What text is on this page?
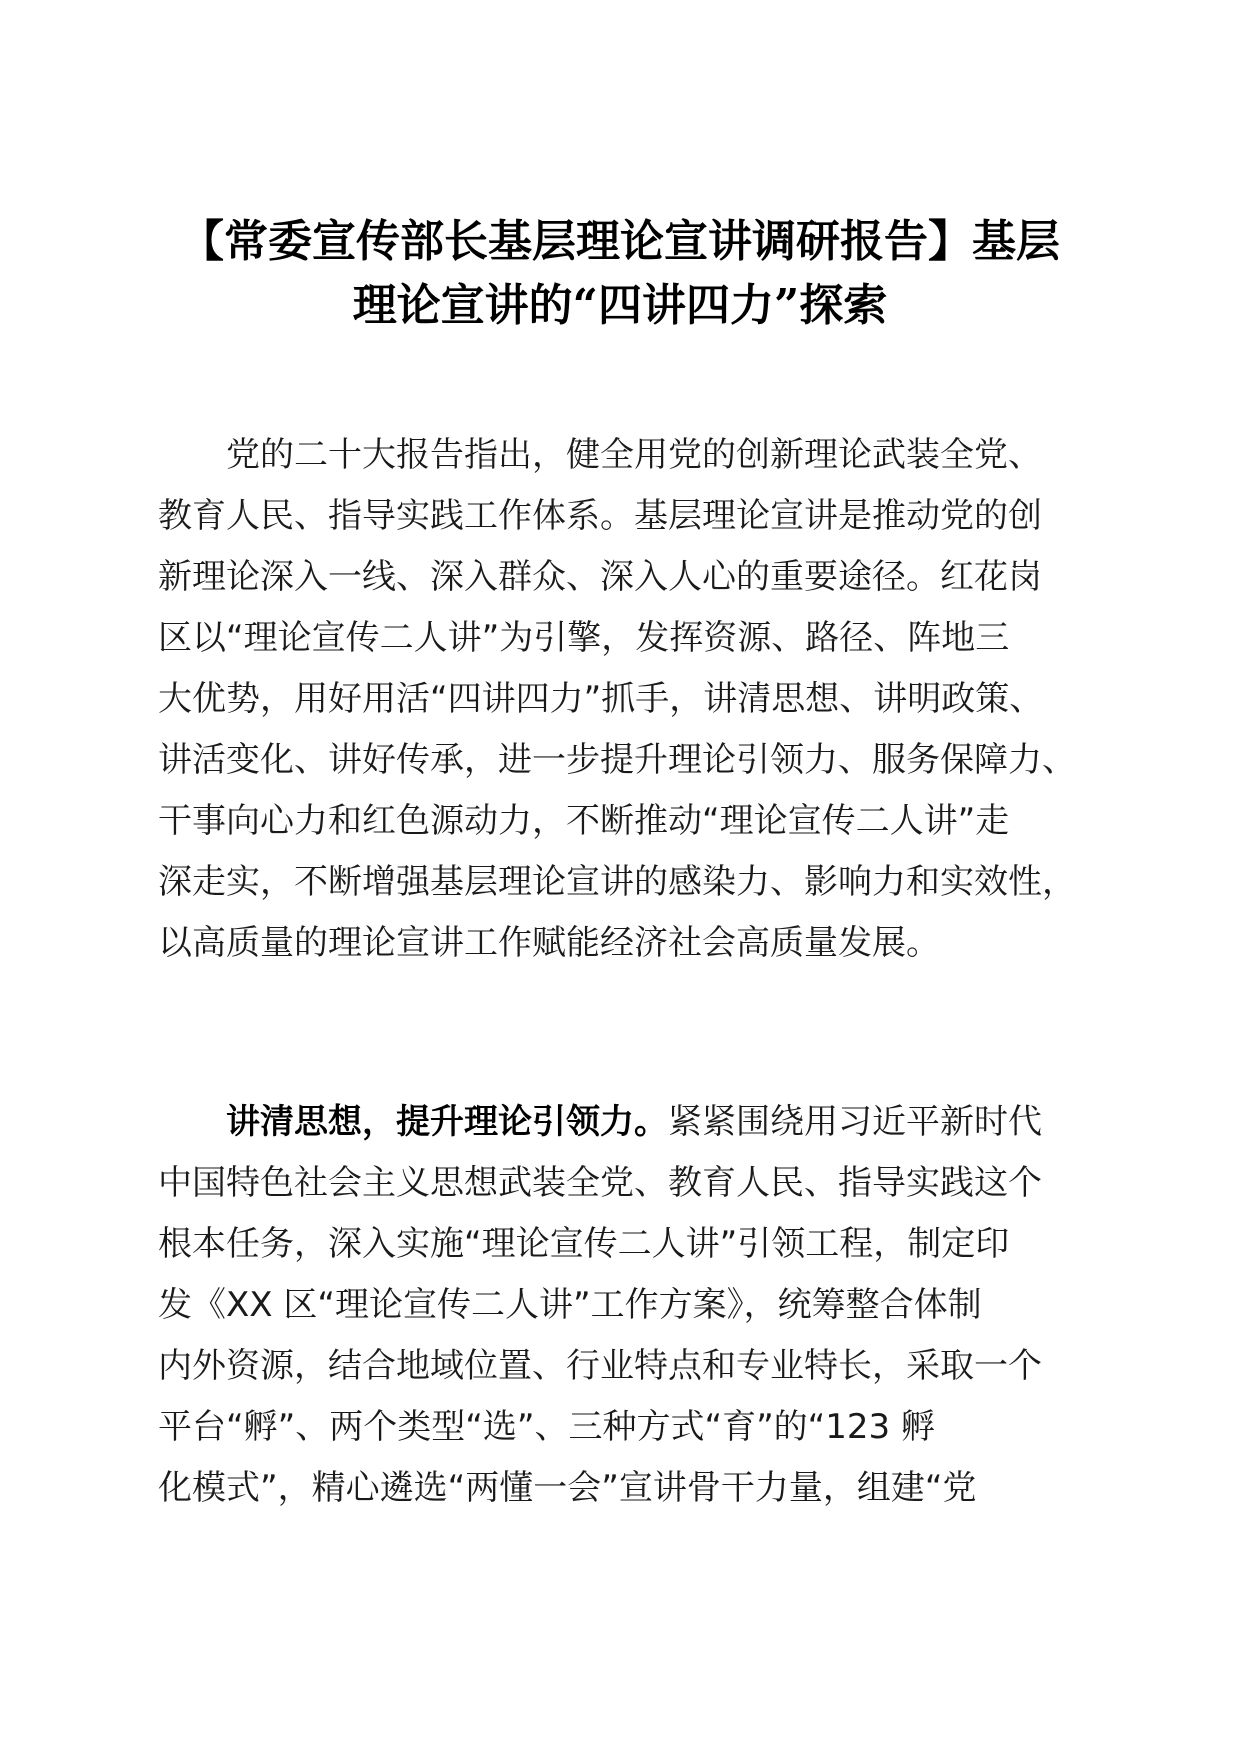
【常委宣传部长基层理论宣讲调研报告】基层
理论宣讲的“四讲四力”探索
党的二十大报告指出，健全用党的创新理论武装全党、
教育人民、指导实践工作体系。基层理论宣讲是推动党的创
新理论深入一线、深入群众、深入人心的重要途径。红花岗
区以“理论宣传二人讲”为引擎，发挥资源、路径、阵地三
大优势，用好用活“四讲四力”抓手，讲清思想、讲明政策、
讲活变化、讲好传承，进一步提升理论引领力、服务保障力、
干事向心力和红色源动力，不断推动“理论宣传二人讲”走
深走实，不断增强基层理论宣讲的感染力、影响力和实效性，
以高质量的理论宣讲工作赋能经济社会高质量发展。
讲清思想，提升理论引领力。紧紧围绕用习近平新时代
中国特色社会主义思想武装全党、教育人民、指导实践这个
根本任务，深入实施“理论宣传二人讲”引领工程，制定印
发《XX 区“理论宣传二人讲”工作方案》，统筹整合体制
内外资源，结合地域位置、行业特点和专业特长，采取一个
平台“孵”、两个类型“选”、三种方式“育”的“123 孵
化模式”，精心遴选“两懂一会”宣讲骨干力量，组建“党
